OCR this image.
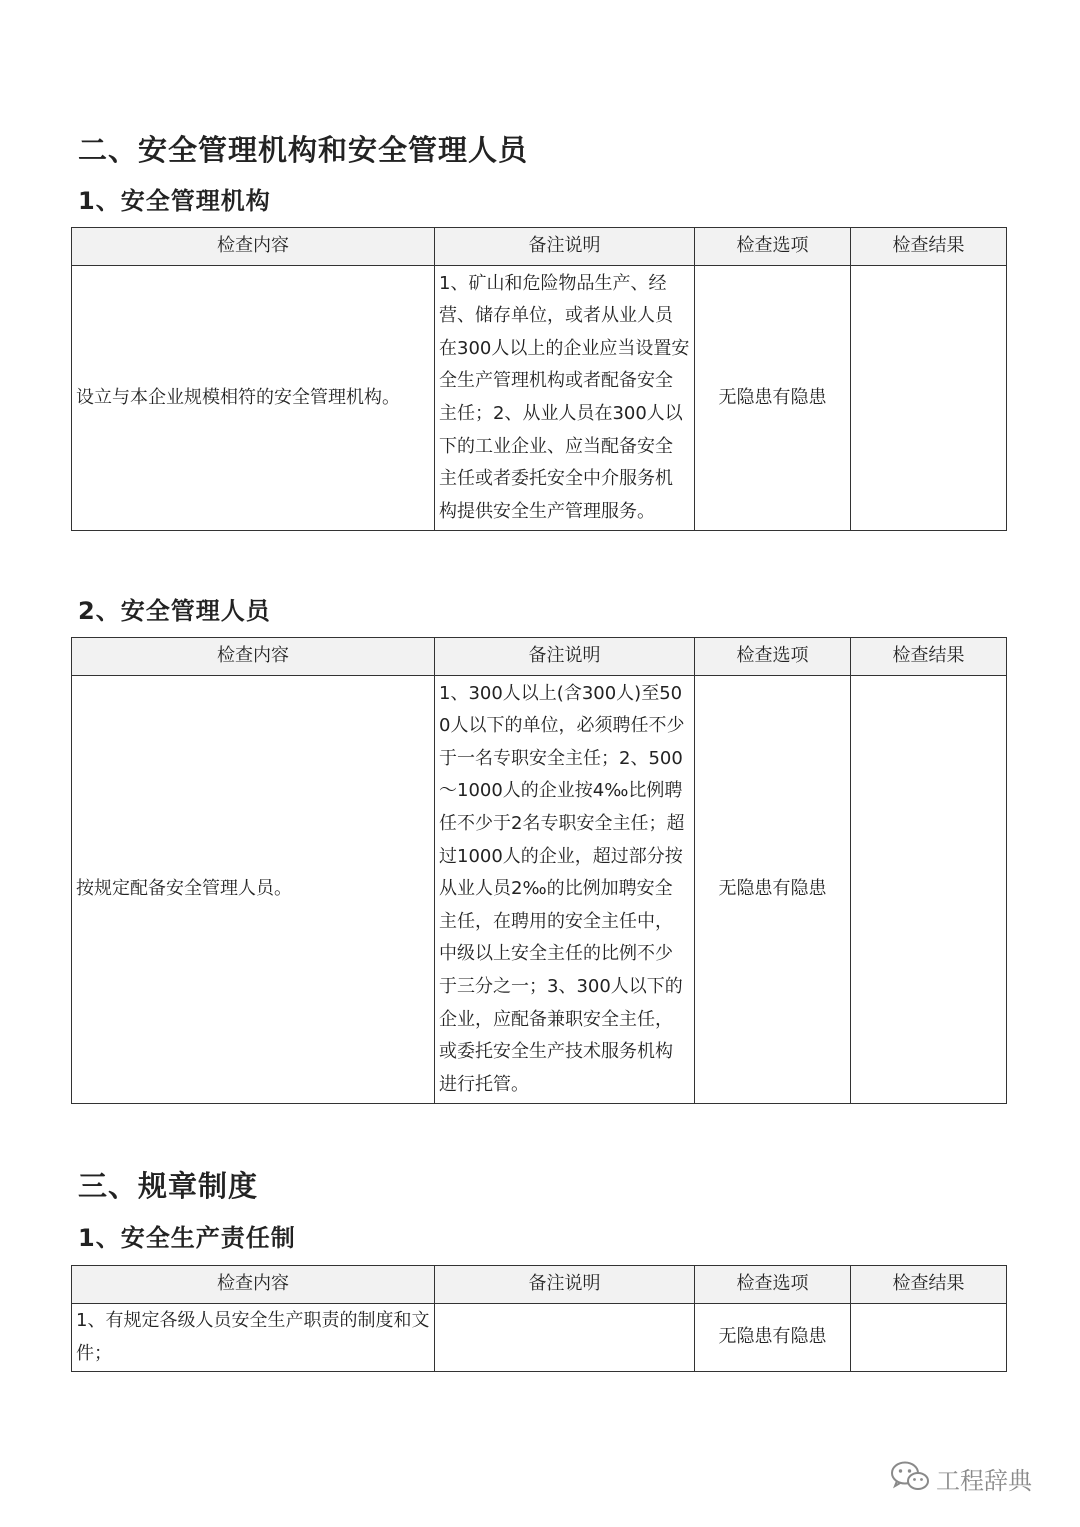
二、安全管理机构和安全管理人员
1、安全管理机构
检查内容	备注说明	检查选项	检查结果
设立与本企业规模相符的安全管理机构。	1、矿山和危险物品生产、经营、储存单位，或者从业人员在300人以上的企业应当设置安全生产管理机构或者配备安全主任；2、从业人员在300人以下的工业企业、应当配备安全主任或者委托安全中介服务机构提供安全生产管理服务。	无隐患有隐患	
2、安全管理人员
检查内容	备注说明	检查选项	检查结果
按规定配备安全管理人员。	1、300人以上(含300人)至500人以下的单位，必须聘任不少于一名专职安全主任；2、500～1000人的企业按4‰比例聘任不少于2名专职安全主任；超过1000人的企业，超过部分按从业人员2‰的比例加聘安全主任，在聘用的安全主任中，中级以上安全主任的比例不少于三分之一；3、300人以下的企业，应配备兼职安全主任，或委托安全生产技术服务机构进行托管。	无隐患有隐患	
三、规章制度
1、安全生产责任制
检查内容	备注说明	检查选项	检查结果
1、有规定各级人员安全生产职责的制度和文件；		无隐患有隐患	
工程辞典
